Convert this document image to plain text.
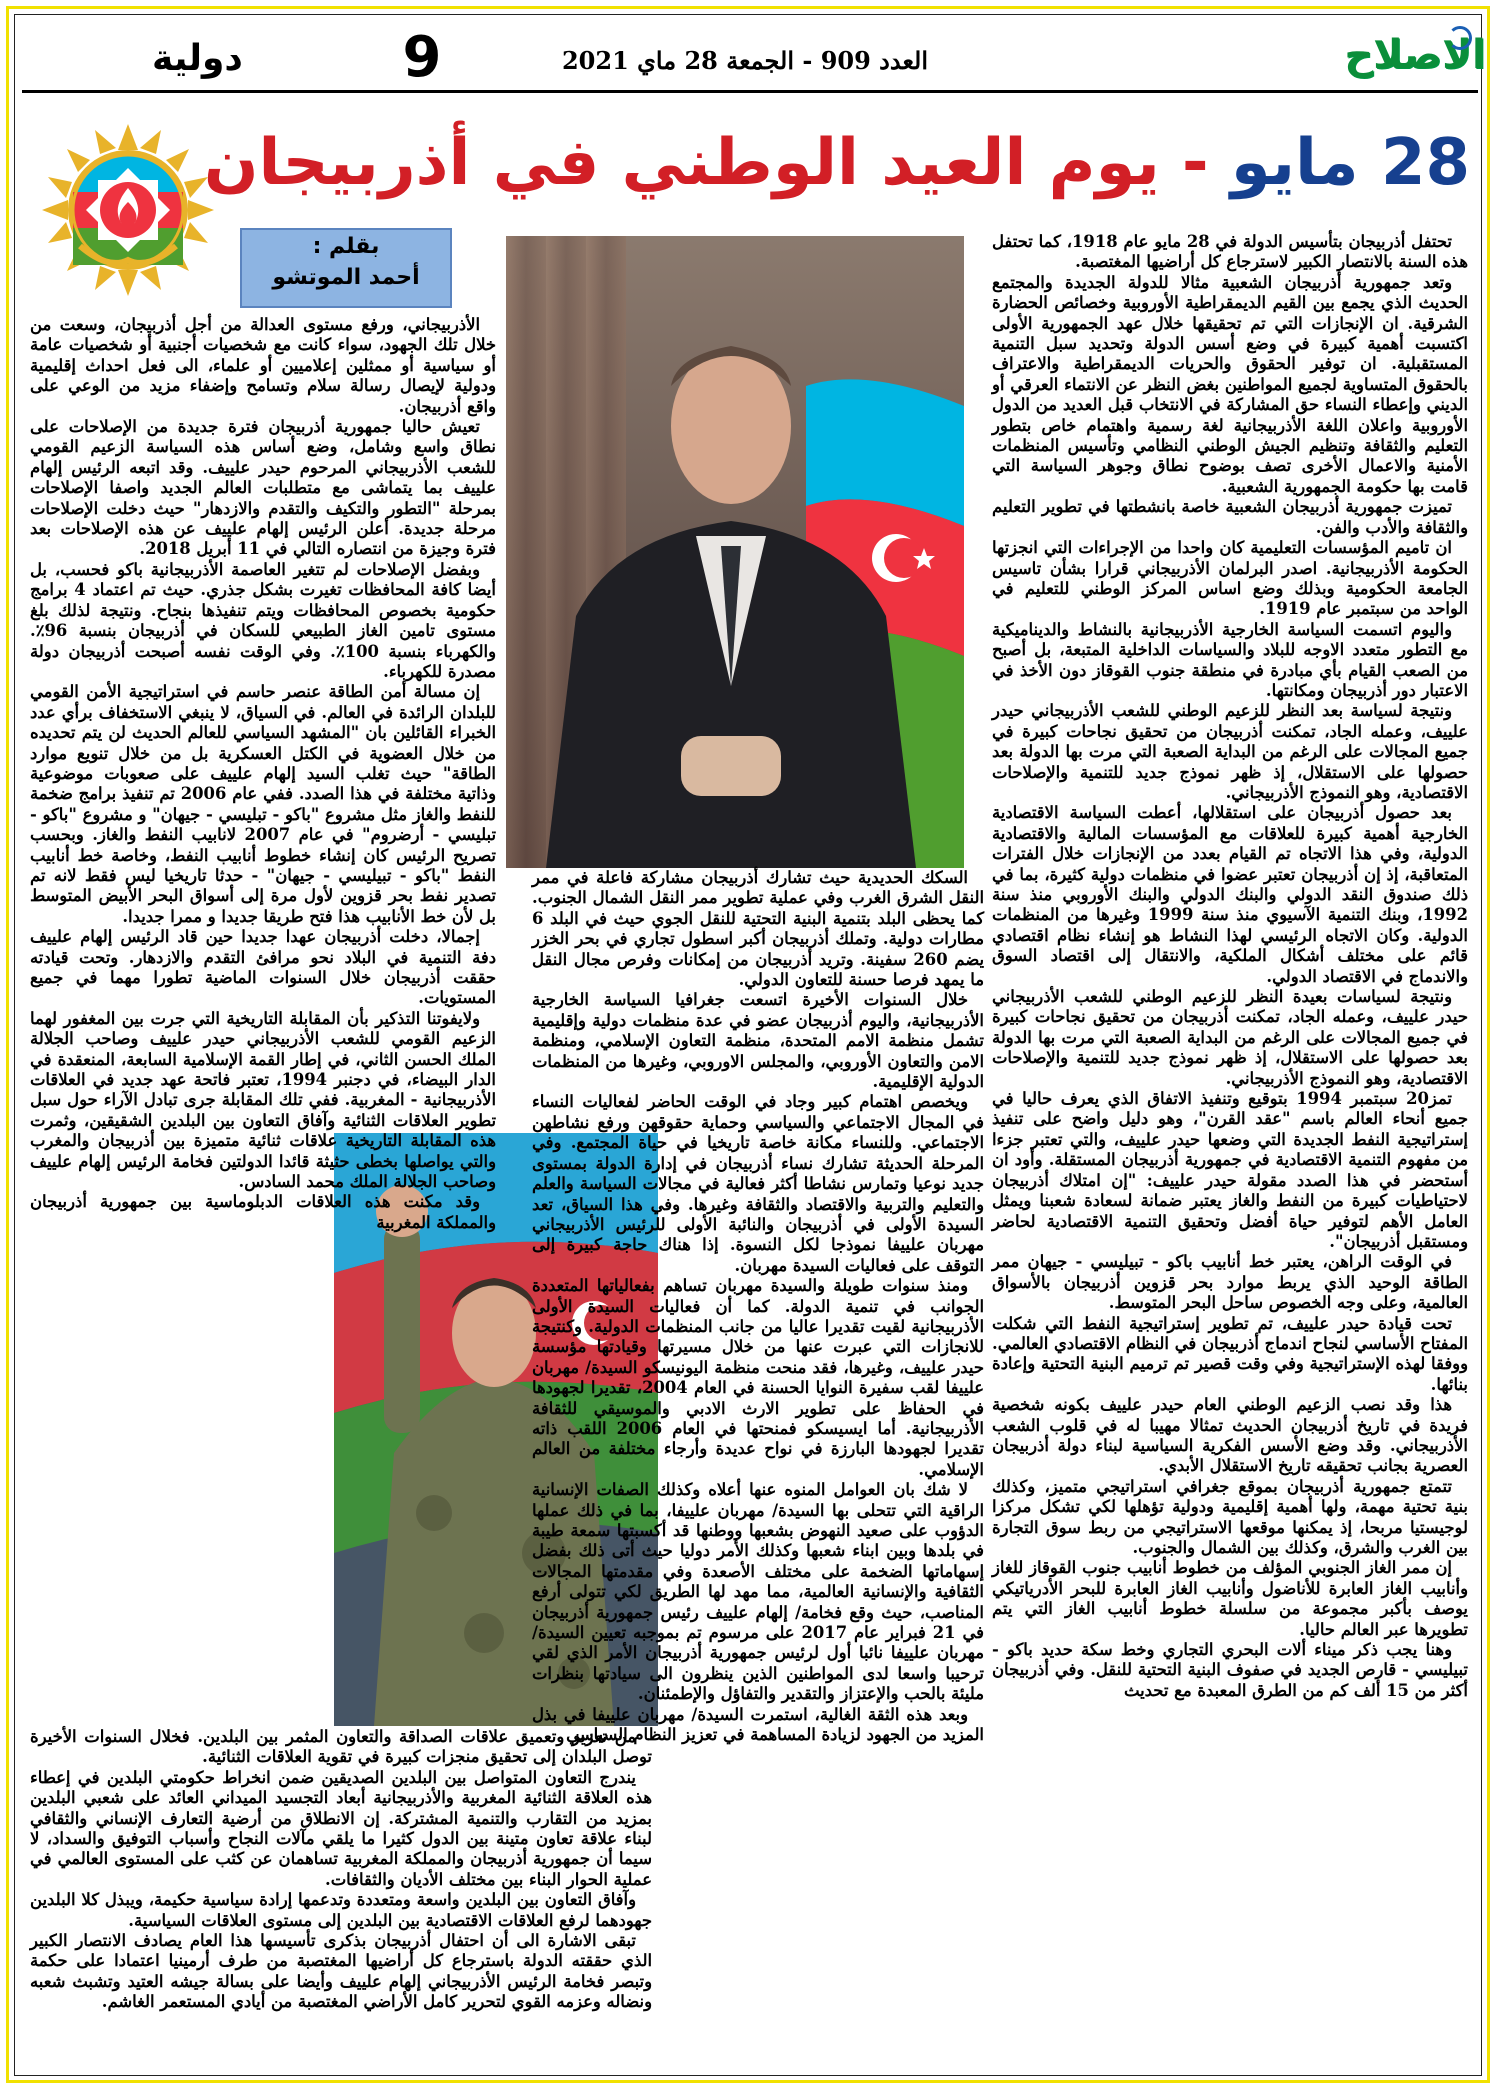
الاصلاح
العدد 909 - الجمعة 28 ماي 2021
9
دولية
28 مايو - يوم العيد الوطني في أذربيجان
بقلم :
أحمد الموتشو

تحتفل أذربيجان بتأسيس الدولة في 28 مايو عام 1918، كما تحتفل هذه السنة بالانتصار الكبير لاسترجاع كل أراضيها المغتصبة.

وتعد جمهورية أذربيجان الشعبية مثالا للدولة الجديدة والمجتمع الحديث الذي يجمع بين القيم الديمقراطية الأوروبية وخصائص الحضارة الشرقية. ان الإنجازات التي تم تحقيقها خلال عهد الجمهورية الأولى اكتسبت أهمية كبيرة في وضع أسس الدولة وتحديد سبل التنمية المستقبلية. ان توفير الحقوق والحريات الديمقراطية والاعتراف بالحقوق المتساوية لجميع المواطنين بغض النظر عن الانتماء العرقي أو الديني وإعطاء النساء حق المشاركة في الانتخاب قبل العديد من الدول الأوروبية واعلان اللغة الأذربيجانية لغة رسمية واهتمام خاص بتطور التعليم والثقافة وتنظيم الجيش الوطني النظامي وتأسيس المنظمات الأمنية والاعمال الأخرى تصف بوضوح نطاق وجوهر السياسة التي قامت بها حكومة الجمهورية الشعبية.

تميزت جمهورية أذربيجان الشعبية خاصة بانشطتها في تطوير التعليم والثقافة والأدب والفن.

ان تاميم المؤسسات التعليمية كان واحدا من الإجراءات التي انجزتها الحكومة الأذربيجانية. اصدر البرلمان الأذربيجاني قرارا بشأن تاسيس الجامعة الحكومية وبذلك وضع اساس المركز الوطني للتعليم في الواحد من سبتمبر عام 1919.

واليوم اتسمت السياسة الخارجية الأذربيجانية بالنشاط والديناميكية مع التطور متعدد الاوجه للبلاد والسياسات الداخلية المتبعة، بل أصبح من الصعب القيام بأي مبادرة في منطقة جنوب القوقاز دون الأخذ في الاعتبار دور أذربيجان ومكانتها.

ونتيجة لسياسة بعد النظر للزعيم الوطني للشعب الأذربيجاني حيدر علييف، وعمله الجاد، تمكنت أذربيجان من تحقيق نجاحات كبيرة في جميع المجالات على الرغم من البداية الصعبة التي مرت بها الدولة بعد حصولها على الاستقلال، إذ ظهر نموذج جديد للتنمية والإصلاحات الاقتصادية، وهو النموذج الأذربيجاني.

بعد حصول أذربيجان على استقلالها، أعطت السياسة الاقتصادية الخارجية أهمية كبيرة للعلاقات مع المؤسسات المالية والاقتصادية الدولية، وفي هذا الاتجاه تم القيام بعدد من الإنجازات خلال الفترات المتعاقبة، إذ إن أذربيجان تعتبر عضوا في منظمات دولية كثيرة، بما في ذلك صندوق النقد الدولي والبنك الدولي والبنك الأوروبي منذ سنة 1992، وبنك التنمية الآسيوي منذ سنة 1999 وغيرها من المنظمات الدولية. وكان الاتجاه الرئيسي لهذا النشاط هو إنشاء نظام اقتصادي قائم على مختلف أشكال الملكية، والانتقال إلى اقتصاد السوق والاندماج في الاقتصاد الدولي.

ونتيجة لسياسات بعيدة النظر للزعيم الوطني للشعب الأذربيجاني حيدر علييف، وعمله الجاد، تمكنت أذربيجان من تحقيق نجاحات كبيرة في جميع المجالات على الرغم من البداية الصعبة التي مرت بها الدولة بعد حصولها على الاستقلال، إذ ظهر نموذج جديد للتنمية والإصلاحات الاقتصادية، وهو النموذج الأذربيجاني.

تمز20 سبتمبر 1994 بتوقيع وتنفيذ الاتفاق الذي يعرف حاليا في جميع أنحاء العالم باسم "عقد القرن"، وهو دليل واضح على تنفيذ إستراتيجية النفط الجديدة التي وضعها حيدر علييف، والتي تعتبر جزءا من مفهوم التنمية الاقتصادية في جمهورية أذربيجان المستقلة. وأود ان أستحضر في هذا الصدد مقولة حيدر علييف: "إن امتلاك أذربيجان لاحتياطيات كبيرة من النفط والغاز يعتبر ضمانة لسعادة شعبنا ويمثل العامل الأهم لتوفير حياة أفضل وتحقيق التنمية الاقتصادية لحاضر ومستقبل أذربيجان".

في الوقت الراهن، يعتبر خط أنابيب باكو - تبيليسي - جيهان ممر الطاقة الوحيد الذي يربط موارد بحر قزوين أذربيجان بالأسواق العالمية، وعلى وجه الخصوص ساحل البحر المتوسط.

تحت قيادة حيدر علييف، تم تطوير إستراتيجية النفط التي شكلت المفتاح الأساسي لنجاح اندماج أذربيجان في النظام الاقتصادي العالمي. ووفقا لهذه الإستراتيجية وفي وقت قصير تم ترميم البنية التحتية وإعادة بنائها.

هذا وقد نصب الزعيم الوطني العام حيدر علييف بكونه شخصية فريدة في تاريخ أذربيجان الحديث تمثالا مهيبا له في قلوب الشعب الأذربيجاني. وقد وضع الأسس الفكرية السياسية لبناء دولة أذربيجان العصرية بجانب تحقيقه تاريخ الاستقلال الأبدي.

تتمتع جمهورية أذربيجان بموقع جغرافي استراتيجي متميز، وكذلك بنية تحتية مهمة، ولها أهمية إقليمية ودولية تؤهلها لكي تشكل مركزا لوجيستيا مربحا، إذ يمكنها موقعها الاستراتيجي من ربط سوق التجارة بين الغرب والشرق، وكذلك بين الشمال والجنوب.

إن ممر الغاز الجنوبي المؤلف من خطوط أنابيب جنوب القوقاز للغاز وأنابيب الغاز العابرة للأناضول وأنابيب الغاز العابرة للبحر الأدرياتيكي يوصف بأكبر مجموعة من سلسلة خطوط أنابيب الغاز التي يتم تطويرها عبر العالم حاليا.

وهنا يجب ذكر ميناء ألات البحري التجاري وخط سكة حديد باكو - تبيليسي - قارص الجديد في صفوف البنية التحتية للنقل. وفي أذربيجان أكثر من 15 ألف كم من الطرق المعبدة مع تحديث

السكك الحديدية حيث تشارك أذربيجان مشاركة فاعلة في ممر النقل الشرق الغرب وفي عملية تطوير ممر النقل الشمال الجنوب. كما يحظى البلد بتنمية البنية التحتية للنقل الجوي حيث في البلد 6 مطارات دولية. وتملك أذربيجان أكبر اسطول تجاري في بحر الخزر يضم 260 سفينة. وتريد أذربيجان من إمكانات وفرص مجال النقل ما يمهد فرصا حسنة للتعاون الدولي.

خلال السنوات الأخيرة اتسعت جغرافيا السياسة الخارجية الأذربيجانية، واليوم أذربيجان عضو في عدة منظمات دولية وإقليمية تشمل منظمة الامم المتحدة، منظمة التعاون الإسلامي، ومنظمة الامن والتعاون الأوروبي، والمجلس الاوروبي، وغيرها من المنظمات الدولية الإقليمية.

ويخصص اهتمام كبير وجاد في الوقت الحاضر لفعاليات النساء في المجال الاجتماعي والسياسي وحماية حقوقهن ورفع نشاطهن الاجتماعي. وللنساء مكانة خاصة تاريخيا في حياة المجتمع. وفي المرحلة الحديثة تشارك نساء أذربيجان في إدارة الدولة بمستوى جديد نوعيا وتمارس نشاطا أكثر فعالية في مجالات السياسة والعلم والتعليم والتربية والاقتصاد والثقافة وغيرها. وفي هذا السياق، تعد السيدة الأولى في أذربيجان والنائبة الأولى للرئيس الأذربيجاني مهربان علييفا نموذجا لكل النسوة. إذا هناك حاجة كبيرة إلى التوقف على فعاليات السيدة مهربان.

ومنذ سنوات طويلة والسيدة مهربان تساهم بفعالياتها المتعددة الجوانب في تنمية الدولة. كما أن فعاليات السيدة الأولى الأذربيجانية لقيت تقديرا عاليا من جانب المنظمات الدولية. وكنتيجة للانجازات التي عبرت عنها من خلال مسيرتها وقيادتها مؤسسة حيدر علييف، وغيرها، فقد منحت منظمة اليونيسكو السيدة/ مهربان علييفا لقب سفيرة النوايا الحسنة في العام 2004، تقديرا لجهودها في الحفاظ على تطوير الارث الادبي والموسيقي للثقافة الأذربيجانية. أما ايسيسكو فمنحتها في العام 2006 اللقب ذاته تقديرا لجهودها البارزة في نواح عديدة وأرجاء مختلفة من العالم الإسلامي.

لا شك بان العوامل المنوه عنها أعلاه وكذلك الصفات الإنسانية الراقية التي تتحلى بها السيدة/ مهربان علييفا، بما في ذلك عملها الدؤوب على صعيد النهوض بشعبها ووطنها قد أكسبتها سمعة طيبة في بلدها وبين ابناء شعبها وكذلك الأمر دوليا حيث أتى ذلك بفضل إسهاماتها الضخمة على مختلف الأصعدة وفي مقدمتها المجالات الثقافية والإنسانية العالمية، مما مهد لها الطريق لكي تتولى أرفع المناصب، حيث وقع فخامة/ إلهام علييف رئيس جمهورية أذربيجان في 21 فبراير عام 2017 على مرسوم تم بموجبه تعيين السيدة/ مهربان علييفا نائبا أول لرئيس جمهورية أذربيجان الأمر الذي لقي ترحيبا واسعا لدى المواطنين الذين ينظرون الى سيادتها بنظرات مليئة بالحب والإعتزاز والتقدير والتفاؤل والإطمئنان.

وبعد هذه الثقة الغالية، استمرت السيدة/ مهربان علييفا في بذل المزيد من الجهود لزيادة المساهمة في تعزيز النظام السياسي

الأذربيجاني، ورفع مستوى العدالة من أجل أذربيجان، وسعت من خلال تلك الجهود، سواء كانت مع شخصيات أجنبية أو شخصيات عامة أو سياسية أو ممثلين إعلاميين أو علماء، الى فعل احداث إقليمية ودولية لإيصال رسالة سلام وتسامح وإضفاء مزيد من الوعي على واقع أذربيجان.

تعيش حاليا جمهورية أذربيجان فترة جديدة من الإصلاحات على نطاق واسع وشامل، وضع أساس هذه السياسة الزعيم القومي للشعب الأذربيجاني المرحوم حيدر علييف. وقد اتبعه الرئيس إلهام علييف بما يتماشى مع متطلبات العالم الجديد واصفا الإصلاحات بمرحلة "التطور والتكيف والتقدم والازدهار" حيث دخلت الإصلاحات مرحلة جديدة. أعلن الرئيس إلهام علييف عن هذه الإصلاحات بعد فترة وجيزة من انتصاره التالي في 11 أبريل 2018.

وبفضل الإصلاحات لم تتغير العاصمة الأذربيجانية باكو فحسب، بل أيضا كافة المحافظات تغيرت بشكل جذري. حيث تم اعتماد 4 برامج حكومية بخصوص المحافظات ويتم تنفيذها بنجاح. ونتيجة لذلك بلغ مستوى تامين الغاز الطبيعي للسكان في أذربيجان بنسبة 96٪. والكهرباء بنسبة 100٪. وفي الوقت نفسه أصبحت أذربيجان دولة مصدرة للكهرباء.

إن مسالة أمن الطاقة عنصر حاسم في استراتيجية الأمن القومي للبلدان الرائدة في العالم. في السياق، لا ينبغي الاستخفاف برأي عدد الخبراء القائلين بان "المشهد السياسي للعالم الحديث لن يتم تحديده من خلال العضوية في الكتل العسكرية بل من خلال تنويع موارد الطاقة" حيث تغلب السيد إلهام علييف على صعوبات موضوعية وذاتية مختلفة في هذا الصدد. ففي عام 2006 تم تنفيذ برامج ضخمة للنفط والغاز مثل مشروع "باكو - تبليسي - جيهان" و مشروع "باكو - تبليسي - أرضروم" في عام 2007 لانابيب النفط والغاز. وبحسب تصريح الرئيس كان إنشاء خطوط أنابيب النفط، وخاصة خط أنابيب النفط "باكو - تبيليسي - جيهان" - حدثا تاريخيا ليس فقط لانه تم تصدير نفط بحر قزوين لأول مرة إلى أسواق البحر الأبيض المتوسط بل لأن خط الأنابيب هذا فتح طريقا جديدا و ممرا جديدا.

إجمالا، دخلت أذربيجان عهدا جديدا حين قاد الرئيس إلهام علييف دفة التنمية في البلاد نحو مرافئ التقدم والازدهار. وتحت قيادته حققت أذربيجان خلال السنوات الماضية تطورا مهما في جميع المستويات.

ولايفوتنا التذكير بأن المقابلة التاريخية التي جرت بين المغفور لهما الزعيم القومي للشعب الأذربيجاني حيدر علييف وصاحب الجلالة الملك الحسن الثاني، في إطار القمة الإسلامية السابعة، المنعقدة في الدار البيضاء، في دجنبر 1994، تعتبر فاتحة عهد جديد في العلاقات الأذربيجانية - المغربية. ففي تلك المقابلة جرى تبادل الآراء حول سبل تطوير العلاقات الثنائية وآفاق التعاون بين البلدين الشقيقين، وثمرت هذه المقابلة التاريخية علاقات ثنائية متميزة بين أذربيجان والمغرب والتي يواصلها بخطى حثيثة قائدا الدولتين فخامة الرئيس إلهام علييف وصاحب الجلالة الملك محمد السادس.

وقد مكنت هذه العلاقات الدبلوماسية بين جمهورية أذربيجان والمملكة المغربية

من تعزيز وتعميق علاقات الصداقة والتعاون المثمر بين البلدين. فخلال السنوات الأخيرة توصل البلدان إلى تحقيق منجزات كبيرة في تقوية العلاقات الثنائية.

يندرج التعاون المتواصل بين البلدين الصديقين ضمن انخراط حكومتي البلدين في إعطاء هذه العلاقة الثنائية المغربية والأذربيجانية أبعاد التجسيد الميداني العائد على شعبي البلدين بمزيد من التقارب والتنمية المشتركة. إن الانطلاق من أرضية التعارف الإنساني والثقافي لبناء علاقة تعاون متينة بين الدول كثيرا ما يلقي مآلات النجاح وأسباب التوفيق والسداد، لا سيما أن جمهورية أذربيجان والمملكة المغربية تساهمان عن كثب على المستوى العالمي في عملية الحوار البناء بين مختلف الأديان والثقافات.

وآفاق التعاون بين البلدين واسعة ومتعددة وتدعمها إرادة سياسية حكيمة، ويبذل كلا البلدين جهودهما لرفع العلاقات الاقتصادية بين البلدين إلى مستوى العلاقات السياسية.

تبقى الاشارة الى أن احتفال أذربيجان بذكرى تأسيسها هذا العام يصادف الانتصار الكبير الذي حققته الدولة باسترجاع كل أراضيها المغتصبة من طرف أرمينيا اعتمادا على حكمة وتبصر فخامة الرئيس الأذربيجاني إلهام علييف وأيضا على بسالة جيشه العتيد وتشبث شعبه ونضاله وعزمه القوي لتحرير كامل الأراضي المغتصبة من أيادي المستعمر الغاشم.
